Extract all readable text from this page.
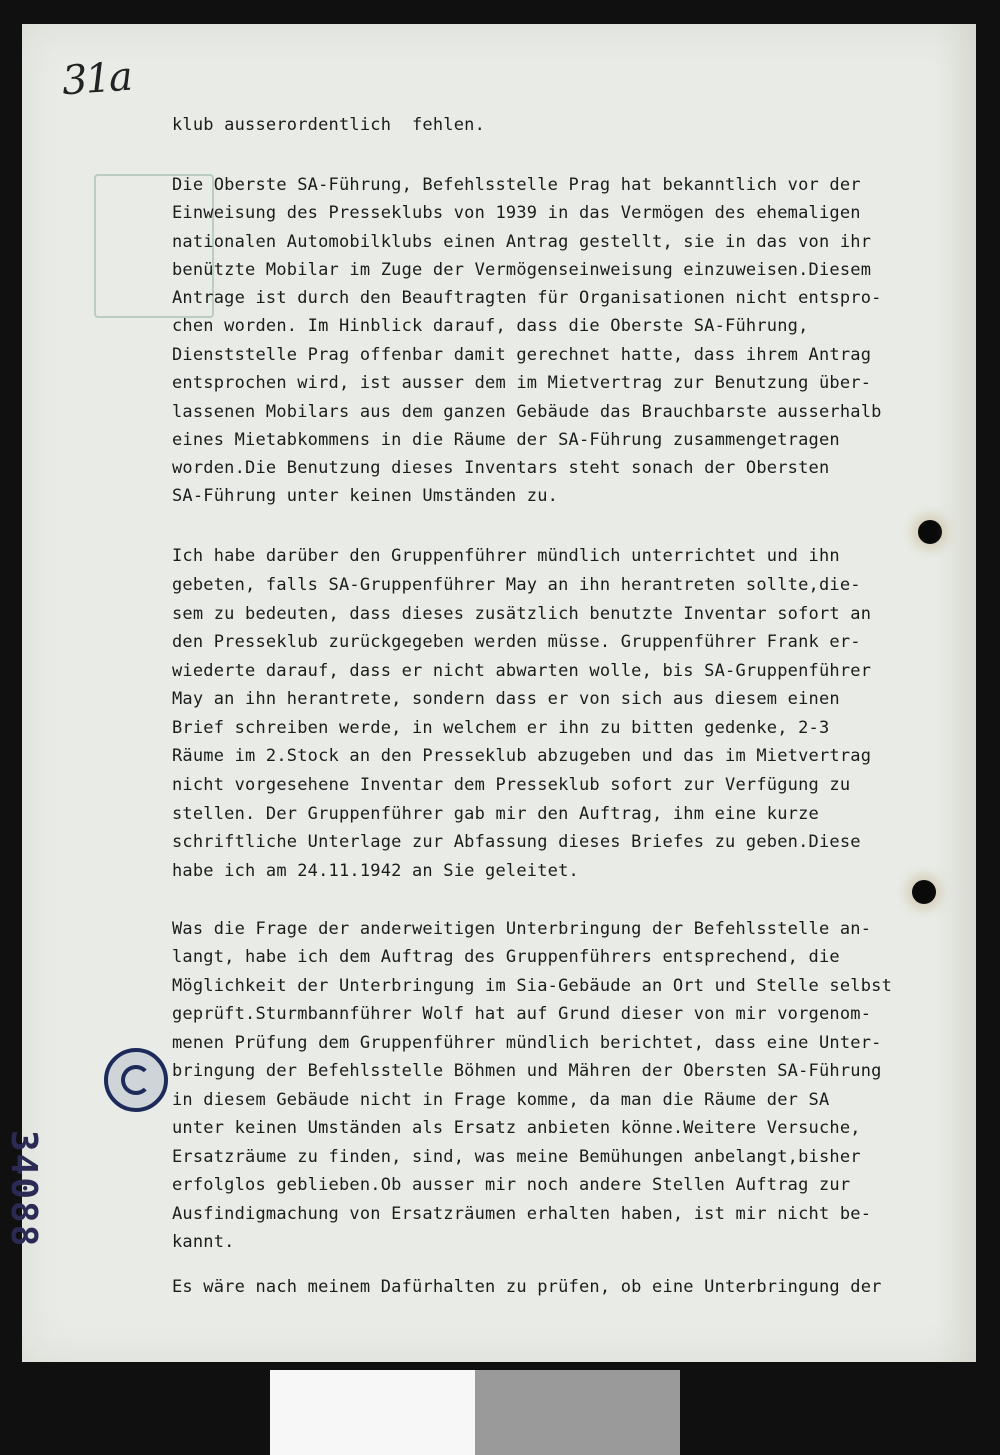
31a
34088
klub ausserordentlich  fehlen.
Die Oberste SA-Führung, Befehlsstelle Prag hat bekanntlich vor der
Einweisung des Presseklubs von 1939 in das Vermögen des ehemaligen
nationalen Automobilklubs einen Antrag gestellt, sie in das von ihr
benützte Mobilar im Zuge der Vermögenseinweisung einzuweisen.Diesem
Antrage ist durch den Beauftragten für Organisationen nicht entspro-
chen worden. Im Hinblick darauf, dass die Oberste SA-Führung,
Dienststelle Prag offenbar damit gerechnet hatte, dass ihrem Antrag
entsprochen wird, ist ausser dem im Mietvertrag zur Benutzung über-
lassenen Mobilars aus dem ganzen Gebäude das Brauchbarste ausserhalb
eines Mietabkommens in die Räume der SA-Führung zusammengetragen
worden.Die Benutzung dieses Inventars steht sonach der Obersten
SA-Führung unter keinen Umständen zu.
Ich habe darüber den Gruppenführer mündlich unterrichtet und ihn
gebeten, falls SA-Gruppenführer May an ihn herantreten sollte,die-
sem zu bedeuten, dass dieses zusätzlich benutzte Inventar sofort an
den Presseklub zurückgegeben werden müsse. Gruppenführer Frank er-
wiederte darauf, dass er nicht abwarten wolle, bis SA-Gruppenführer
May an ihn herantrete, sondern dass er von sich aus diesem einen
Brief schreiben werde, in welchem er ihn zu bitten gedenke, 2-3
Räume im 2.Stock an den Presseklub abzugeben und das im Mietvertrag
nicht vorgesehene Inventar dem Presseklub sofort zur Verfügung zu
stellen. Der Gruppenführer gab mir den Auftrag, ihm eine kurze
schriftliche Unterlage zur Abfassung dieses Briefes zu geben.Diese
habe ich am 24.11.1942 an Sie geleitet.
Was die Frage der anderweitigen Unterbringung der Befehlsstelle an-
langt, habe ich dem Auftrag des Gruppenführers entsprechend, die
Möglichkeit der Unterbringung im Sia-Gebäude an Ort und Stelle selbst
geprüft.Sturmbannführer Wolf hat auf Grund dieser von mir vorgenom-
menen Prüfung dem Gruppenführer mündlich berichtet, dass eine Unter-
bringung der Befehlsstelle Böhmen und Mähren der Obersten SA-Führung
in diesem Gebäude nicht in Frage komme, da man die Räume der SA
unter keinen Umständen als Ersatz anbieten könne.Weitere Versuche,
Ersatzräume zu finden, sind, was meine Bemühungen anbelangt,bisher
erfolglos geblieben.Ob ausser mir noch andere Stellen Auftrag zur
Ausfindigmachung von Ersatzräumen erhalten haben, ist mir nicht be-
kannt.
Es wäre nach meinem Dafürhalten zu prüfen, ob eine Unterbringung der
